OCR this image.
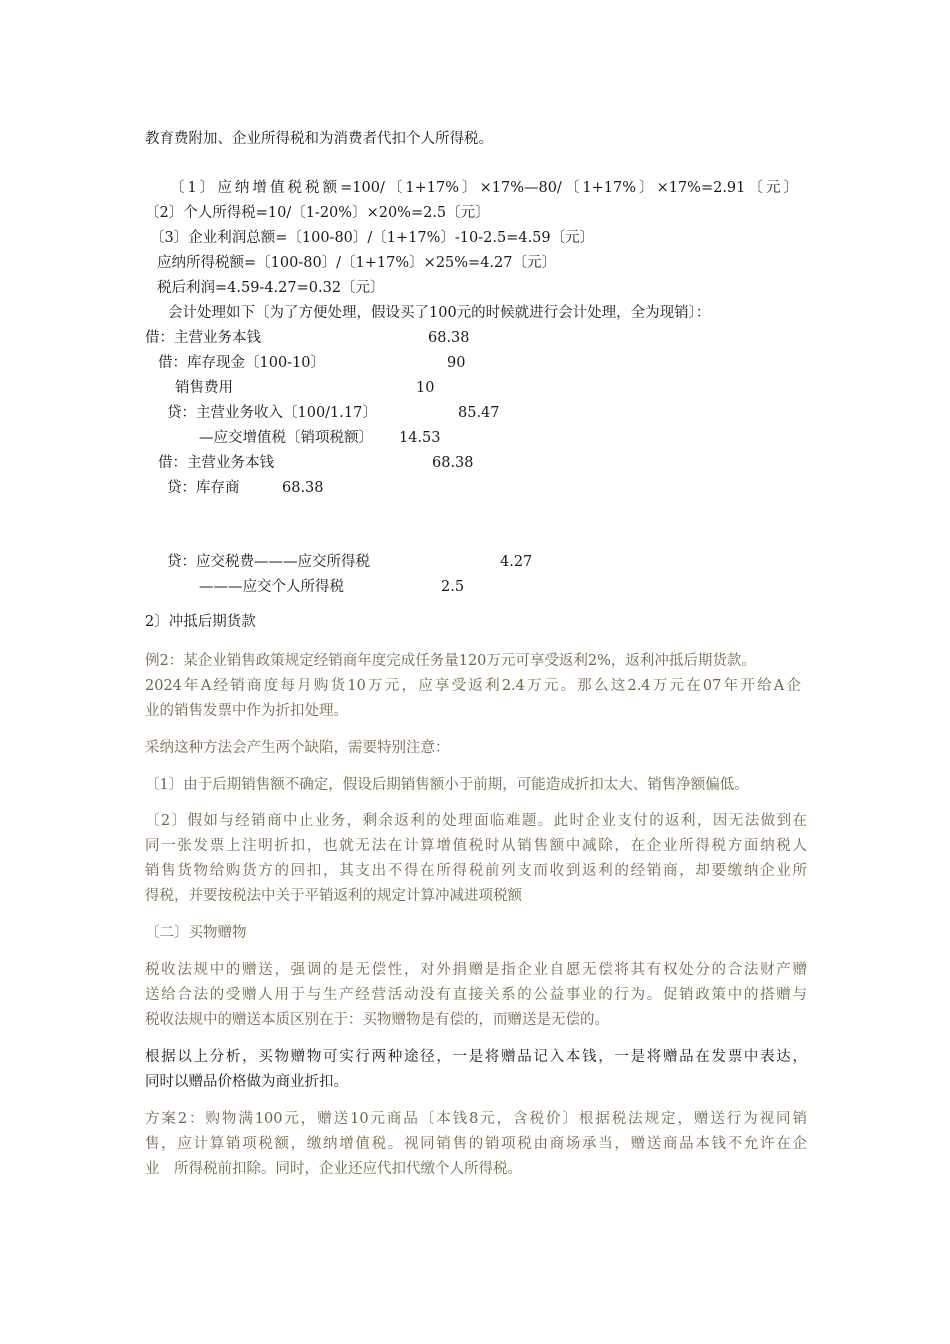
教育费附加、企业所得税和为消费者代扣个人所得税。
〔1〕应纳增值税税额=100/〔1+17%〕×17%—80/〔1+17%〕×17%=2.91〔元〕
〔2〕个人所得税=10/〔1-20%〕×20%=2.5〔元〕
〔3〕企业利润总额=〔100-80〕/〔1+17%〕-10-2.5=4.59〔元〕
应纳所得税额=〔100-80〕/〔1+17%〕×25%=4.27〔元〕
税后利润=4.59-4.27=0.32〔元〕
会计处理如下〔为了方便处理，假设买了100元的时候就进行会计处理，全为现销〕：
借：主营业务本钱	68.38
借：库存现金〔100-10〕	90
销售费用	10
贷：主营业务收入〔100/1.17〕	85.47
—应交增值税〔销项税额〕 14.53
借：主营业务本钱	68.38
贷：库存商	68.38
贷：应交税费———应交所得税	4.27
———应交个人所得税	2.5
2〕冲抵后期货款
例2：某企业销售政策规定经销商年度完成任务量120万元可享受返利2%，返利冲抵后期货款。
2024年A经销商度每月购货10万元，应享受返利2.4万元。那么这2.4万元在07年开给A企
业的销售发票中作为折扣处理。
采纳这种方法会产生两个缺陷，需要特别注意：
〔1〕由于后期销售额不确定，假设后期销售额小于前期，可能造成折扣太大、销售净额偏低。
〔2〕假如与经销商中止业务，剩余返利的处理面临难题。此时企业支付的返利，因无法做到在
同一张发票上注明折扣，也就无法在计算增值税时从销售额中减除，在企业所得税方面纳税人
销售货物给购货方的回扣，其支出不得在所得税前列支而收到返利的经销商，却要缴纳企业所
得税，并要按税法中关于平销返利的规定计算冲减进项税额
〔二〕买物赠物
税收法规中的赠送，强调的是无偿性，对外捐赠是指企业自愿无偿将其有权处分的合法财产赠
送给合法的受赠人用于与生产经营活动没有直接关系的公益事业的行为。促销政策中的搭赠与
税收法规中的赠送本质区别在于：买物赠物是有偿的，而赠送是无偿的。
根据以上分析，买物赠物可实行两种途径，一是将赠品记入本钱，一是将赠品在发票中表达，
同时以赠品价格做为商业折扣。
方案2：购物满100元，赠送10元商品〔本钱8元，含税价〕根据税法规定，赠送行为视同销
售，应计算销项税额，缴纳增值税。视同销售的销项税由商场承当，赠送商品本钱不允许在企
业　所得税前扣除。同时，企业还应代扣代缴个人所得税。
